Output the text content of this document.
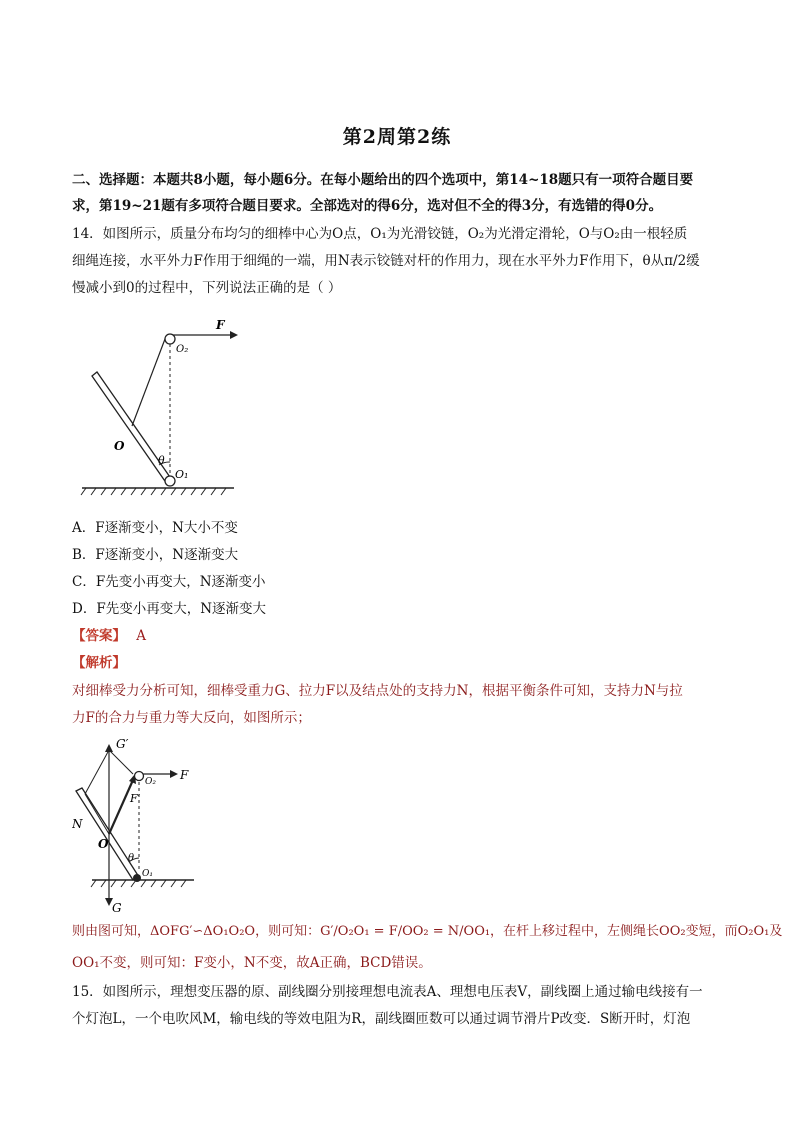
第2周第2练
二、选择题：本题共8小题，每小题6分。在每小题给出的四个选项中，第14~18题只有一项符合题目要
求，第19~21题有多项符合题目要求。全部选对的得6分，选对但不全的得3分，有选错的得0分。
14．如图所示，质量分布均匀的细棒中心为O点，O₁为光滑铰链，O₂为光滑定滑轮，O与O₂由一根轻质
细绳连接，水平外力F作用于细绳的一端，用N表示铰链对杆的作用力，现在水平外力F作用下，θ从π/2缓
慢减小到0的过程中，下列说法正确的是（ ）
F
O₂
O
θ
O₁
A．F逐渐变小，N大小不变
B．F逐渐变小，N逐渐变大
C．F先变小再变大，N逐渐变小
D．F先变小再变大，N逐渐变大
【答案】 A
【解析】
对细棒受力分析可知，细棒受重力G、拉力F以及结点处的支持力N，根据平衡条件可知，支持力N与拉
力F的合力与重力等大反向，如图所示；
G′
O₂ F
F′
N
O
θ
O₁
G
则由图可知，ΔOFG′∽ΔO₁O₂O，则可知：G′/O₂O₁ = F/OO₂ = N/OO₁，在杆上移过程中，左侧绳长OO₂变短，而O₂O₁及
OO₁不变，则可知：F变小，N不变，故A正确，BCD错误。
15．如图所示，理想变压器的原、副线圈分别接理想电流表A、理想电压表V，副线圈上通过输电线接有一
个灯泡L，一个电吹风M，输电线的等效电阻为R，副线圈匝数可以通过调节滑片P改变．S断开时，灯泡
